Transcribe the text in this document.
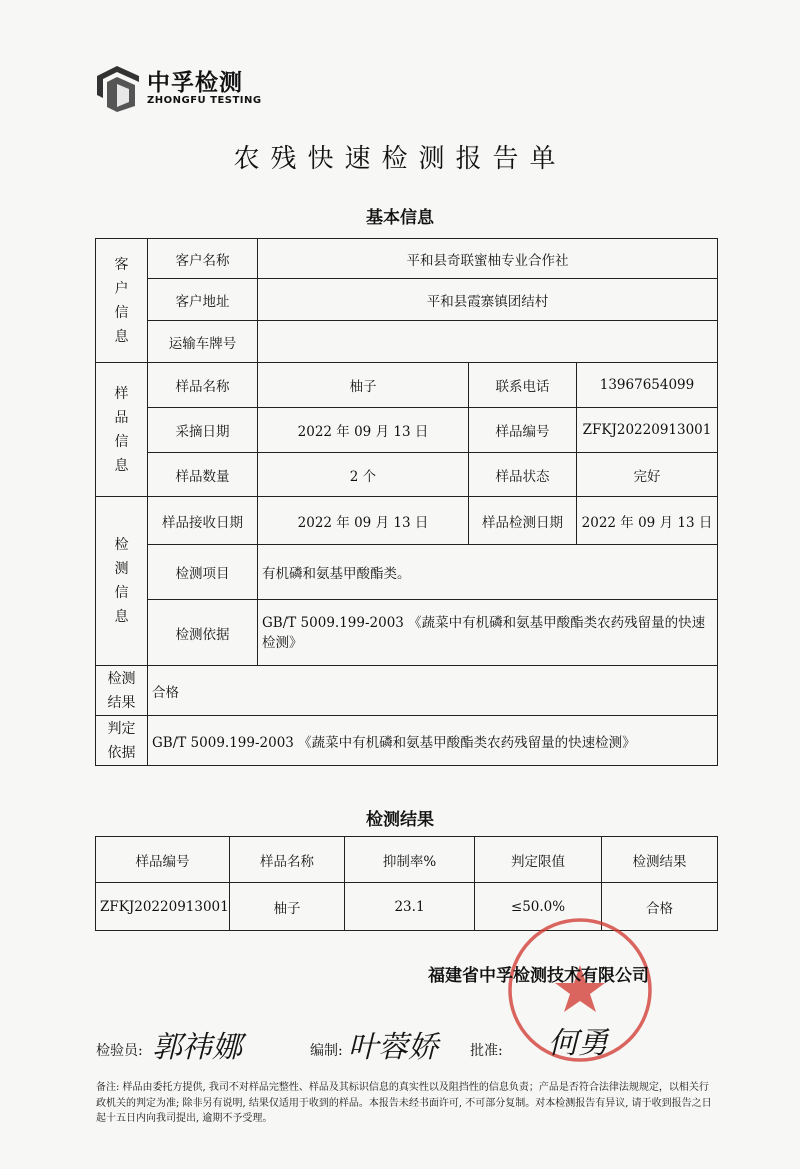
中孚检测
ZHONGFU TESTING
农残快速检测报告单
基本信息
客
户
信
息	客户名称	平和县奇联蜜柚专业合作社		
	客户地址	平和县霞寨镇团结村		
	运输车牌号			

样
品
信
息	样品名称	柚子	联系电话	13967654099
	采摘日期	2022 年 09 月 13 日	样品编号	ZFKJ20220913001
	样品数量	2 个	样品状态	完好

检
测
信
息	样品接收日期	2022 年 09 月 13 日	样品检测日期	2022 年 09 月 13 日
	检测项目	有机磷和氨基甲酸酯类。		
	检测依据	GB/T 5009.199-2003 《蔬菜中有机磷和氨基甲酸酯类农药残留量的快速检测》		

检测
结果	合格			

判定
依据	GB/T 5009.199-2003 《蔬菜中有机磷和氨基甲酸酯类农药残留量的快速检测》			
检测结果
样品编号	样品名称	抑制率%	判定限值	检测结果
ZFKJ20220913001	柚子	23.1	≤50.0%	合格
福建省中孚检测技术有限公司
检验员: 郭祎娜	编制: 叶蓉娇 批准: 何勇
备注: 样品由委托方提供, 我司不对样品完整性、样品及其标识信息的真实性以及阻挡性的信息负责；产品是否符合法律法规规定，以相关行政机关的判定为准; 除非另有说明, 结果仅适用于收到的样品。本报告未经书面许可, 不可部分复制。对本检测报告有异议, 请于收到报告之日起十五日内向我司提出, 逾期不予受理。
